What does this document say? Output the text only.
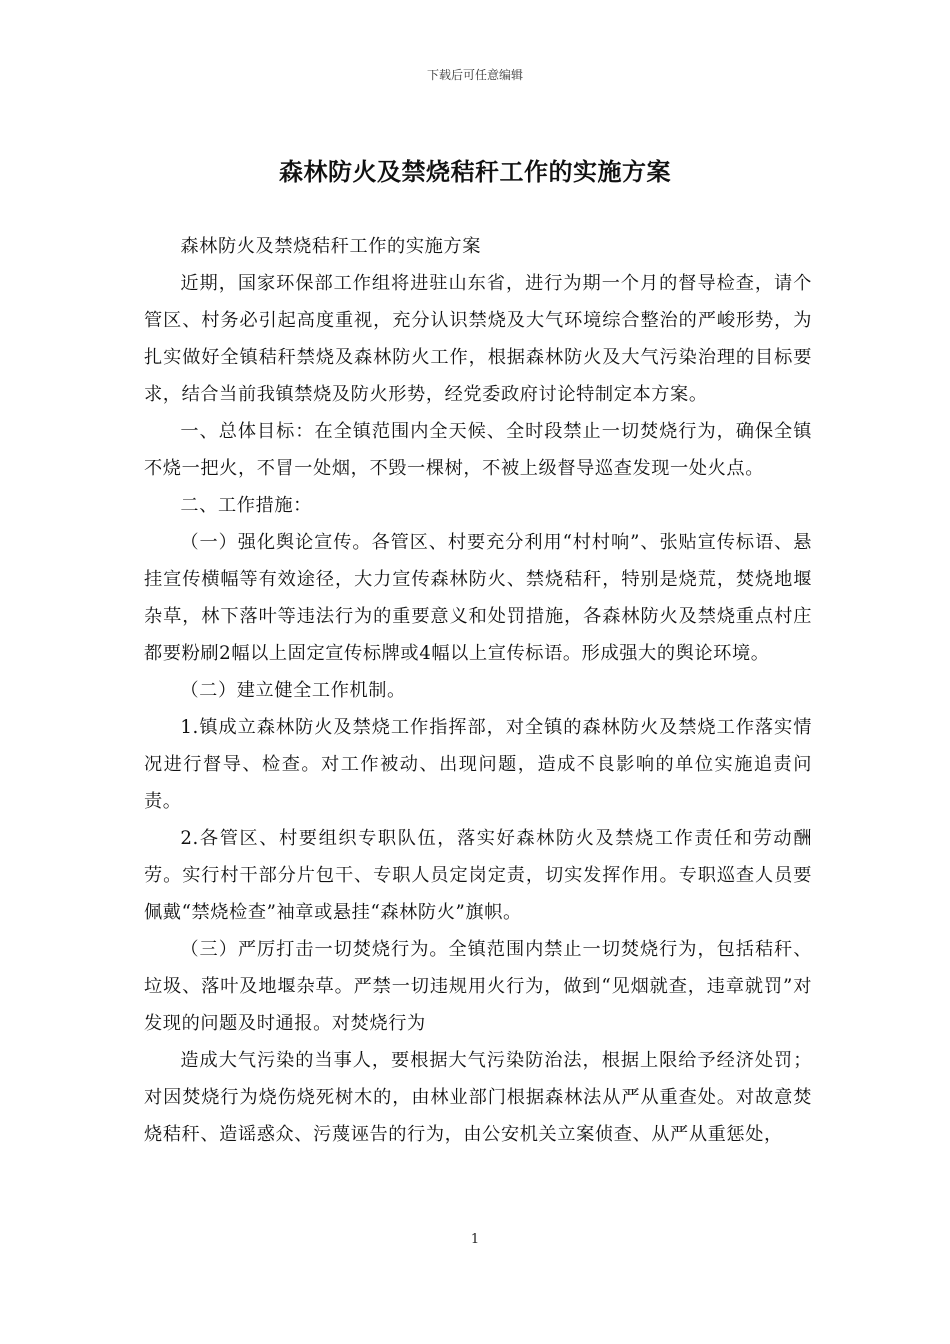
下载后可任意编辑
森林防火及禁烧秸秆工作的实施方案

森林防火及禁烧秸秆工作的实施方案

近期，国家环保部工作组将进驻山东省，进行为期一个月的督导检查，请个管区、村务必引起高度重视，充分认识禁烧及大气环境综合整治的严峻形势，为扎实做好全镇秸秆禁烧及森林防火工作，根据森林防火及大气污染治理的目标要求，结合当前我镇禁烧及防火形势，经党委政府讨论特制定本方案。

一、总体目标：在全镇范围内全天候、全时段禁止一切焚烧行为，确保全镇不烧一把火，不冒一处烟，不毁一棵树，不被上级督导巡查发现一处火点。

二、工作措施：

（一）强化舆论宣传。各管区、村要充分利用“村村响”、张贴宣传标语、悬挂宣传横幅等有效途径，大力宣传森林防火、禁烧秸秆，特别是烧荒，焚烧地堰杂草，林下落叶等违法行为的重要意义和处罚措施，各森林防火及禁烧重点村庄都要粉刷2幅以上固定宣传标牌或4幅以上宣传标语。形成强大的舆论环境。

（二）建立健全工作机制。

1.镇成立森林防火及禁烧工作指挥部，对全镇的森林防火及禁烧工作落实情况进行督导、检查。对工作被动、出现问题，造成不良影响的单位实施追责问责。

2.各管区、村要组织专职队伍，落实好森林防火及禁烧工作责任和劳动酬劳。实行村干部分片包干、专职人员定岗定责，切实发挥作用。专职巡查人员要佩戴“禁烧检查”袖章或悬挂“森林防火”旗帜。

（三）严厉打击一切焚烧行为。全镇范围内禁止一切焚烧行为，包括秸秆、垃圾、落叶及地堰杂草。严禁一切违规用火行为，做到“见烟就查，违章就罚”对发现的问题及时通报。对焚烧行为

造成大气污染的当事人，要根据大气污染防治法，根据上限给予经济处罚；对因焚烧行为烧伤烧死树木的，由林业部门根据森林法从严从重查处。对故意焚烧秸秆、造谣惑众、污蔑诬告的行为，由公安机关立案侦查、从严从重惩处，

1
